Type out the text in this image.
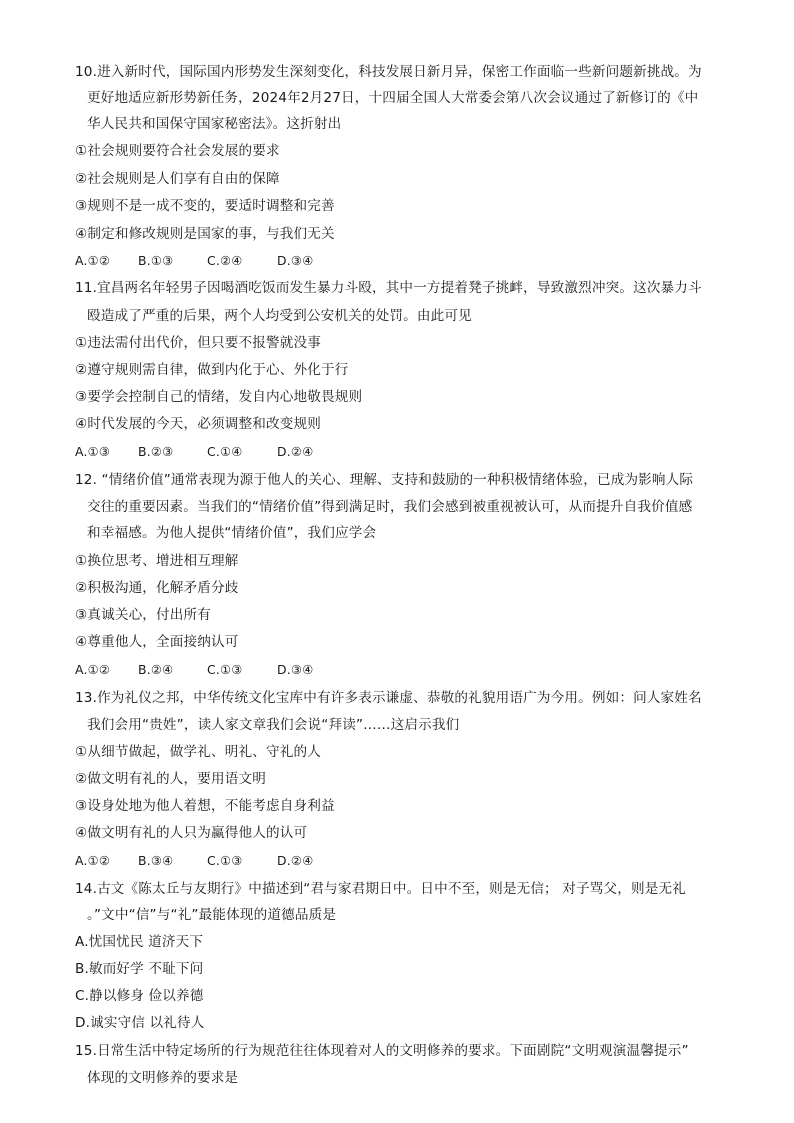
10.进入新时代，国际国内形势发生深刻变化，科技发展日新月异，保密工作面临一些新问题新挑战。为
更好地适应新形势新任务，2024年2月27日，十四届全国人大常委会第八次会议通过了新修订的《中
华人民共和国保守国家秘密法》。这折射出
①社会规则要符合社会发展的要求
②社会规则是人们享有自由的保障
③规则不是一成不变的，要适时调整和完善
④制定和修改规则是国家的事，与我们无关
A.①② B.①③	C.②④	D.③④
11.宜昌两名年轻男子因喝酒吃饭而发生暴力斗殴，其中一方提着凳子挑衅，导致激烈冲突。这次暴力斗
殴造成了严重的后果，两个人均受到公安机关的处罚。由此可见
①违法需付出代价，但只要不报警就没事
②遵守规则需自律，做到内化于心、外化于行
③要学会控制自己的情绪，发自内心地敬畏规则
④时代发展的今天，必须调整和改变规则
A.①③ B.②③	C.①④	D.②④
12. “情绪价值”通常表现为源于他人的关心、理解、支持和鼓励的一种积极情绪体验，已成为影响人际
交往的重要因素。当我们的“情绪价值”得到满足时，我们会感到被重视被认可，从而提升自我价值感
和幸福感。为他人提供“情绪价值”，我们应学会
①换位思考、增进相互理解
②积极沟通，化解矛盾分歧
③真诚关心，付出所有
④尊重他人，全面接纳认可
A.①② B.②④	C.①③	D.③④
13.作为礼仪之邦，中华传统文化宝库中有许多表示谦虚、恭敬的礼貌用语广为今用。例如：问人家姓名
我们会用“贵姓”，读人家文章我们会说“拜读”……这启示我们
①从细节做起，做学礼、明礼、守礼的人
②做文明有礼的人，要用语文明
③设身处地为他人着想，不能考虑自身利益
④做文明有礼的人只为赢得他人的认可
A.①② B.③④	C.①③	D.②④
14.古文《陈太丘与友期行》中描述到“君与家君期日中。日中不至，则是无信； 对子骂父，则是无礼
。”文中“信”与“礼”最能体现的道德品质是
A.忧国忧民 道济天下
B.敏而好学 不耻下问
C.静以修身 俭以养德
D.诚实守信 以礼待人
15.日常生活中特定场所的行为规范往往体现着对人的文明修养的要求。下面剧院“文明观演温馨提示”
体现的文明修养的要求是
